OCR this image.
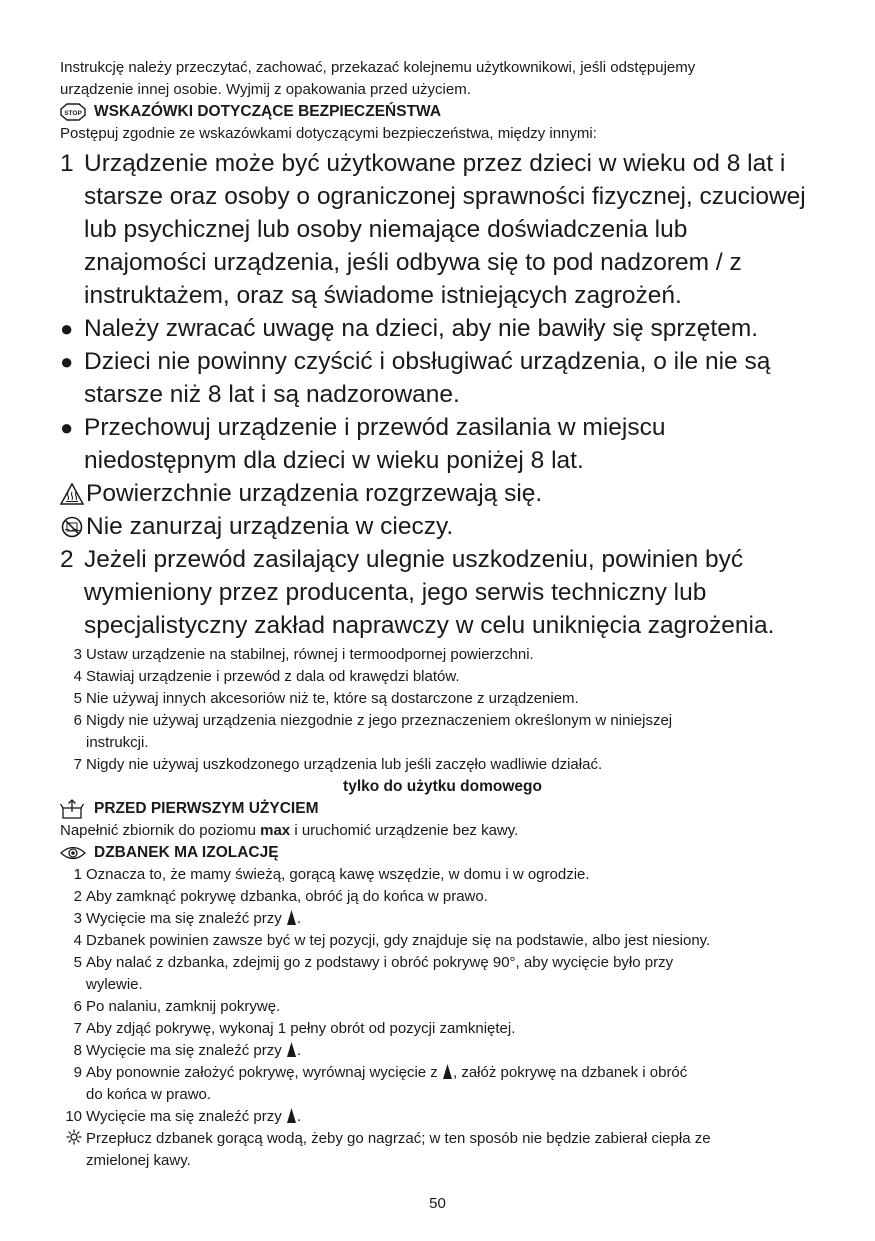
Instrukcję należy przeczytać, zachować, przekazać kolejnemu użytkownikowi, jeśli odstępujemy
urządzenie innej osobie. Wyjmij z opakowania przed użyciem.
STOP WSKAZÓWKI DOTYCZĄCE BEZPIECZEŃSTWA
Postępuj zgodnie ze wskazówkami dotyczącymi bezpieczeństwa, między innymi:
1 Urządzenie może być użytkowane przez dzieci w wieku od 8 lat i
starsze oraz osoby o ograniczonej sprawności fizycznej, czuciowej
lub psychicznej lub osoby niemające doświadczenia lub
znajomości urządzenia, jeśli odbywa się to pod nadzorem / z
instruktażem, oraz są świadome istniejących zagrożeń.
● Należy zwracać uwagę na dzieci, aby nie bawiły się sprzętem.
● Dzieci nie powinny czyścić i obsługiwać urządzenia, o ile nie są
starsze niż 8 lat i są nadzorowane.
● Przechowuj urządzenie i przewód zasilania w miejscu
niedostępnym dla dzieci w wieku poniżej 8 lat.
Powierzchnie urządzenia rozgrzewają się.
Nie zanurzaj urządzenia w cieczy.
2 Jeżeli przewód zasilający ulegnie uszkodzeniu, powinien być
wymieniony przez producenta, jego serwis techniczny lub
specjalistyczny zakład naprawczy w celu uniknięcia zagrożenia.
3 Ustaw urządzenie na stabilnej, równej i termoodpornej powierzchni.
4 Stawiaj urządzenie i przewód z dala od krawędzi blatów.
5 Nie używaj innych akcesoriów niż te, które są dostarczone z urządzeniem.
6 Nigdy nie używaj urządzenia niezgodnie z jego przeznaczeniem określonym w niniejszej
instrukcji.
7 Nigdy nie używaj uszkodzonego urządzenia lub jeśli zaczęło wadliwie działać.
tylko do użytku domowego
PRZED PIERWSZYM UŻYCIEM
Napełnić zbiornik do poziomu max i uruchomić urządzenie bez kawy.
DZBANEK MA IZOLACJĘ
1 Oznacza to, że mamy świeżą, gorącą kawę wszędzie, w domu i w ogrodzie.
2 Aby zamknąć pokrywę dzbanka, obróć ją do końca w prawo.
3 Wycięcie ma się znaleźć przy .
4 Dzbanek powinien zawsze być w tej pozycji, gdy znajduje się na podstawie, albo jest niesiony.
5 Aby nalać z dzbanka, zdejmij go z podstawy i obróć pokrywę 90°, aby wycięcie było przy
wylewie.
6 Po nalaniu, zamknij pokrywę.
7 Aby zdjąć pokrywę, wykonaj 1 pełny obrót od pozycji zamkniętej.
8 Wycięcie ma się znaleźć przy .
9 Aby ponownie założyć pokrywę, wyrównaj wycięcie z , załóż pokrywę na dzbanek i obróć
do końca w prawo.
10 Wycięcie ma się znaleźć przy .
Przepłucz dzbanek gorącą wodą, żeby go nagrzać; w ten sposób nie będzie zabierał ciepła ze
zmielonej kawy.
50
